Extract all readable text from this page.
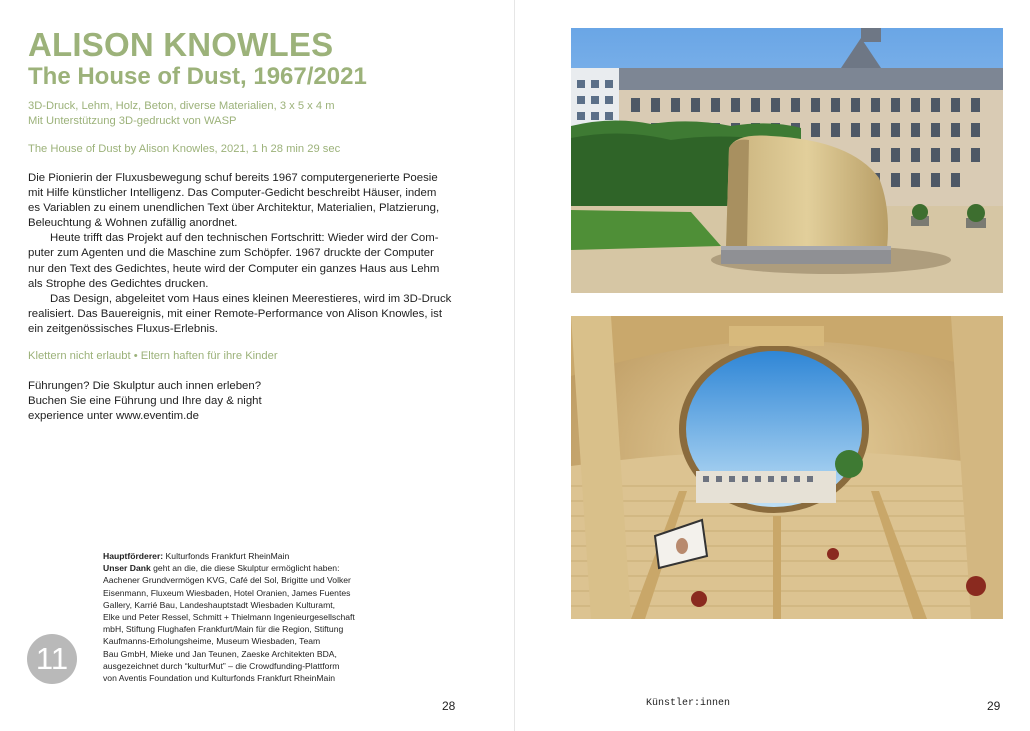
ALISON KNOWLES
The House of Dust, 1967/2021
3D-Druck, Lehm, Holz, Beton, diverse Materialien, 3 x 5 x 4 m
Mit Unterstützung 3D-gedruckt von WASP
The House of Dust by Alison Knowles, 2021, 1 h 28 min 29 sec
Die Pionierin der Fluxusbewegung schuf bereits 1967 computergenerierte Poesie
mit Hilfe künstlicher Intelligenz. Das Computer-Gedicht beschreibt Häuser, indem
es Variablen zu einem unendlichen Text über Architektur, Materialien, Platzierung,
Beleuchtung & Wohnen zufällig anordnet.
Heute trifft das Projekt auf den technischen Fortschritt: Wieder wird der Com-
puter zum Agenten und die Maschine zum Schöpfer. 1967 druckte der Computer
nur den Text des Gedichtes, heute wird der Computer ein ganzes Haus aus Lehm
als Strophe des Gedichtes drucken.
Das Design, abgeleitet vom Haus eines kleinen Meerestieres, wird im 3D-Druck
realisiert. Das Bauereignis, mit einer Remote-Performance von Alison Knowles, ist
ein zeitgenössisches Fluxus-Erlebnis.
Klettern nicht erlaubt • Eltern haften für ihre Kinder
Führungen? Die Skulptur auch innen erleben?
Buchen Sie eine Führung und Ihre day & night
experience unter www.eventim.de
Hauptförderer: Kulturfonds Frankfurt RheinMain
Unser Dank geht an die, die diese Skulptur ermöglicht haben:
Aachener Grundvermögen KVG, Café del Sol, Brigitte und Volker
Eisenmann, Fluxeum Wiesbaden, Hotel Oranien, James Fuentes
Gallery, Karrié Bau, Landeshauptstadt Wiesbaden Kulturamt,
Elke und Peter Ressel, Schmitt + Thielmann Ingenieurgesellschaft
mbH, Stiftung Flughafen Frankfurt/Main für die Region, Stiftung
Kaufmanns-Erholungsheime, Museum Wiesbaden, Team
Bau GmbH, Mieke und Jan Teunen, Zaeske Architekten BDA,
ausgezeichnet durch “kulturMut” – die Crowdfunding-Plattform
von Aventis Foundation und Kulturfonds Frankfurt RheinMain
11
28	Künstler:innen	29
